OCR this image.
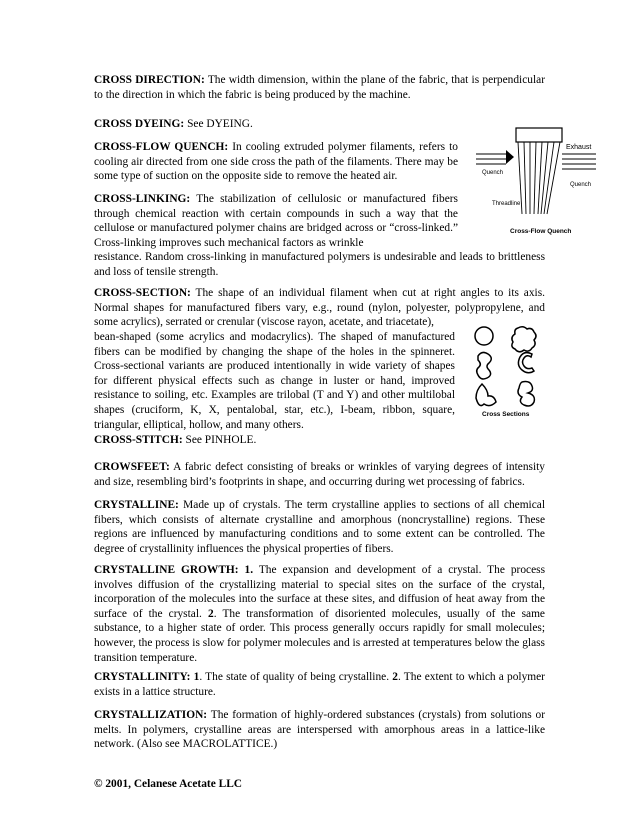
CROSS DIRECTION: The width dimension, within the plane of the fabric, that is perpendicular to the direction in which the fabric is being produced by the machine.

CROSS DYEING: See DYEING.

CROSS-FLOW QUENCH: In cooling extruded polymer filaments, refers to cooling air directed from one side cross the path of the filaments. There may be some type of suction on the opposite side to remove the heated air.

Exhaust
Quench
Quench
Threadline
Cross-Flow Quench

CROSS-LINKING: The stabilization of cellulosic or manufactured fibers through chemical reaction with certain compounds in such a way that the cellulose or manufactured polymer chains are bridged across or “cross-linked.” Cross-linking improves such mechanical factors as wrinkle

resistance. Random cross-linking in manufactured polymers is undesirable and leads to brittleness and loss of tensile strength.

CROSS-SECTION: The shape of an individual filament when cut at right angles to its axis. Normal shapes for manufactured fibers vary, e.g., round (nylon, polyester, polypropylene, and some acrylics), serrated or crenular (viscose rayon, acetate, and triacetate),

bean-shaped (some acrylics and modacrylics). The shaped of manufactured fibers can be modified by changing the shape of the holes in the spinneret. Cross-sectional variants are produced intentionally in wide variety of shapes for different physical effects such as change in luster or hand, improved resistance to soiling, etc. Examples are trilobal (T and Y) and other multilobal shapes (cruciform, K, X, pentalobal, star, etc.), I-beam, ribbon, square, triangular, elliptical, hollow, and many others.

Cross Sections

CROSS-STITCH: See PINHOLE.

CROWSFEET: A fabric defect consisting of breaks or wrinkles of varying degrees of intensity and size, resembling bird’s footprints in shape, and occurring during wet processing of fabrics.

CRYSTALLINE: Made up of crystals. The term crystalline applies to sections of all chemical fibers, which consists of alternate crystalline and amorphous (noncrystalline) regions. These regions are influenced by manufacturing conditions and to some extent can be controlled. The degree of crystallinity influences the physical properties of fibers.

CRYSTALLINE GROWTH: 1. The expansion and development of a crystal. The process involves diffusion of the crystallizing material to special sites on the surface of the crystal, incorporation of the molecules into the surface at these sites, and diffusion of heat away from the surface of the crystal. 2. The transformation of disoriented molecules, usually of the same substance, to a higher state of order. This process generally occurs rapidly for small molecules; however, the process is slow for polymer molecules and is arrested at temperatures below the glass transition temperature.

CRYSTALLINITY: 1. The state of quality of being crystalline. 2. The extent to which a polymer exists in a lattice structure.

CRYSTALLIZATION: The formation of highly-ordered substances (crystals) from solutions or melts. In polymers, crystalline areas are interspersed with amorphous areas in a lattice-like network. (Also see MACROLATTICE.)

© 2001, Celanese Acetate LLC
